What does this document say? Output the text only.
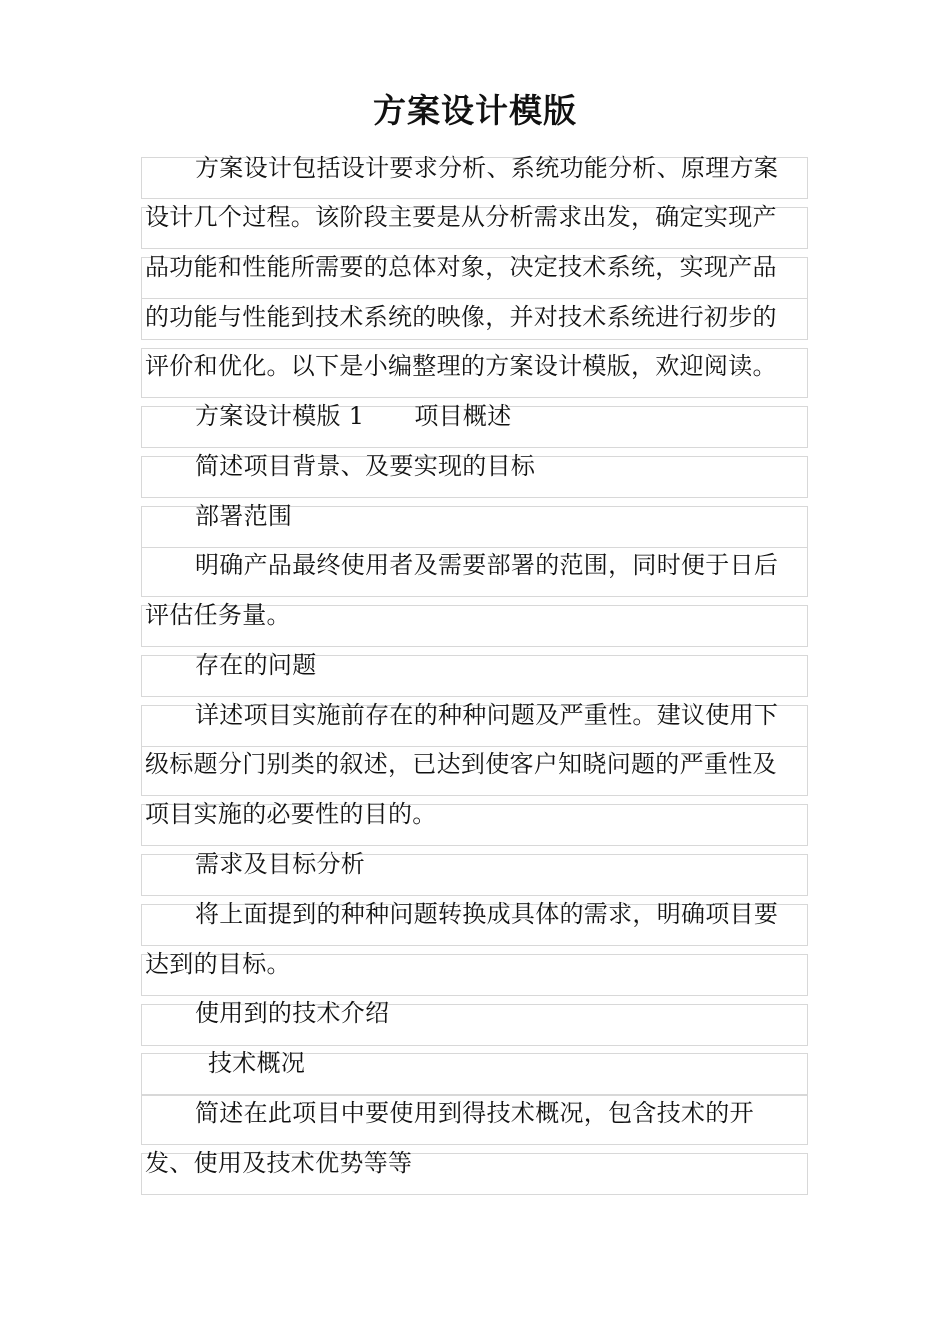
方案设计模版
方案设计包括设计要求分析、系统功能分析、原理方案
设计几个过程。该阶段主要是从分析需求出发，确定实现产
品功能和性能所需要的总体对象，决定技术系统，实现产品
的功能与性能到技术系统的映像，并对技术系统进行初步的
评价和优化。以下是小编整理的方案设计模版，欢迎阅读。
方案设计模版 1 项目概述
简述项目背景、及要实现的目标
部署范围
明确产品最终使用者及需要部署的范围，同时便于日后
评估任务量。
存在的问题
详述项目实施前存在的种种问题及严重性。建议使用下
级标题分门别类的叙述，已达到使客户知晓问题的严重性及
项目实施的必要性的目的。
需求及目标分析
将上面提到的种种问题转换成具体的需求，明确项目要
达到的目标。
使用到的技术介绍
技术概况
简述在此项目中要使用到得技术概况，包含技术的开
发、使用及技术优势等等
